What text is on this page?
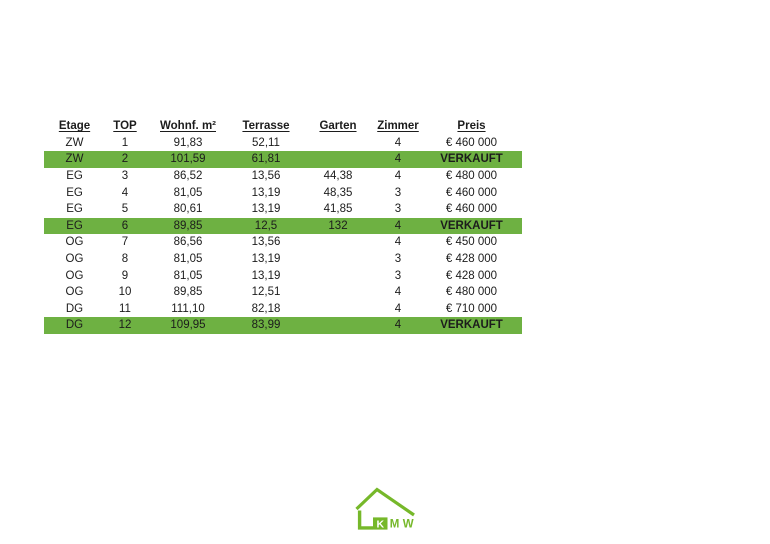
Etage	TOP	Wohnf. m²	Terrasse	Garten	Zimmer	Preis
ZW	1	91,83	52,11		4	€ 460 000
ZW	2	101,59	61,81		4	VERKAUFT
EG	3	86,52	13,56	44,38	4	€ 480 000
EG	4	81,05	13,19	48,35	3	€ 460 000
EG	5	80,61	13,19	41,85	3	€ 460 000
EG	6	89,85	12,5	132	4	VERKAUFT
OG	7	86,56	13,56		4	€ 450 000
OG	8	81,05	13,19		3	€ 428 000
OG	9	81,05	13,19		3	€ 428 000
OG	10	89,85	12,51		4	€ 480 000
DG	11	111,10	82,18		4	€ 710 000
DG	12	109,95	83,99		4	VERKAUFT
K M W
